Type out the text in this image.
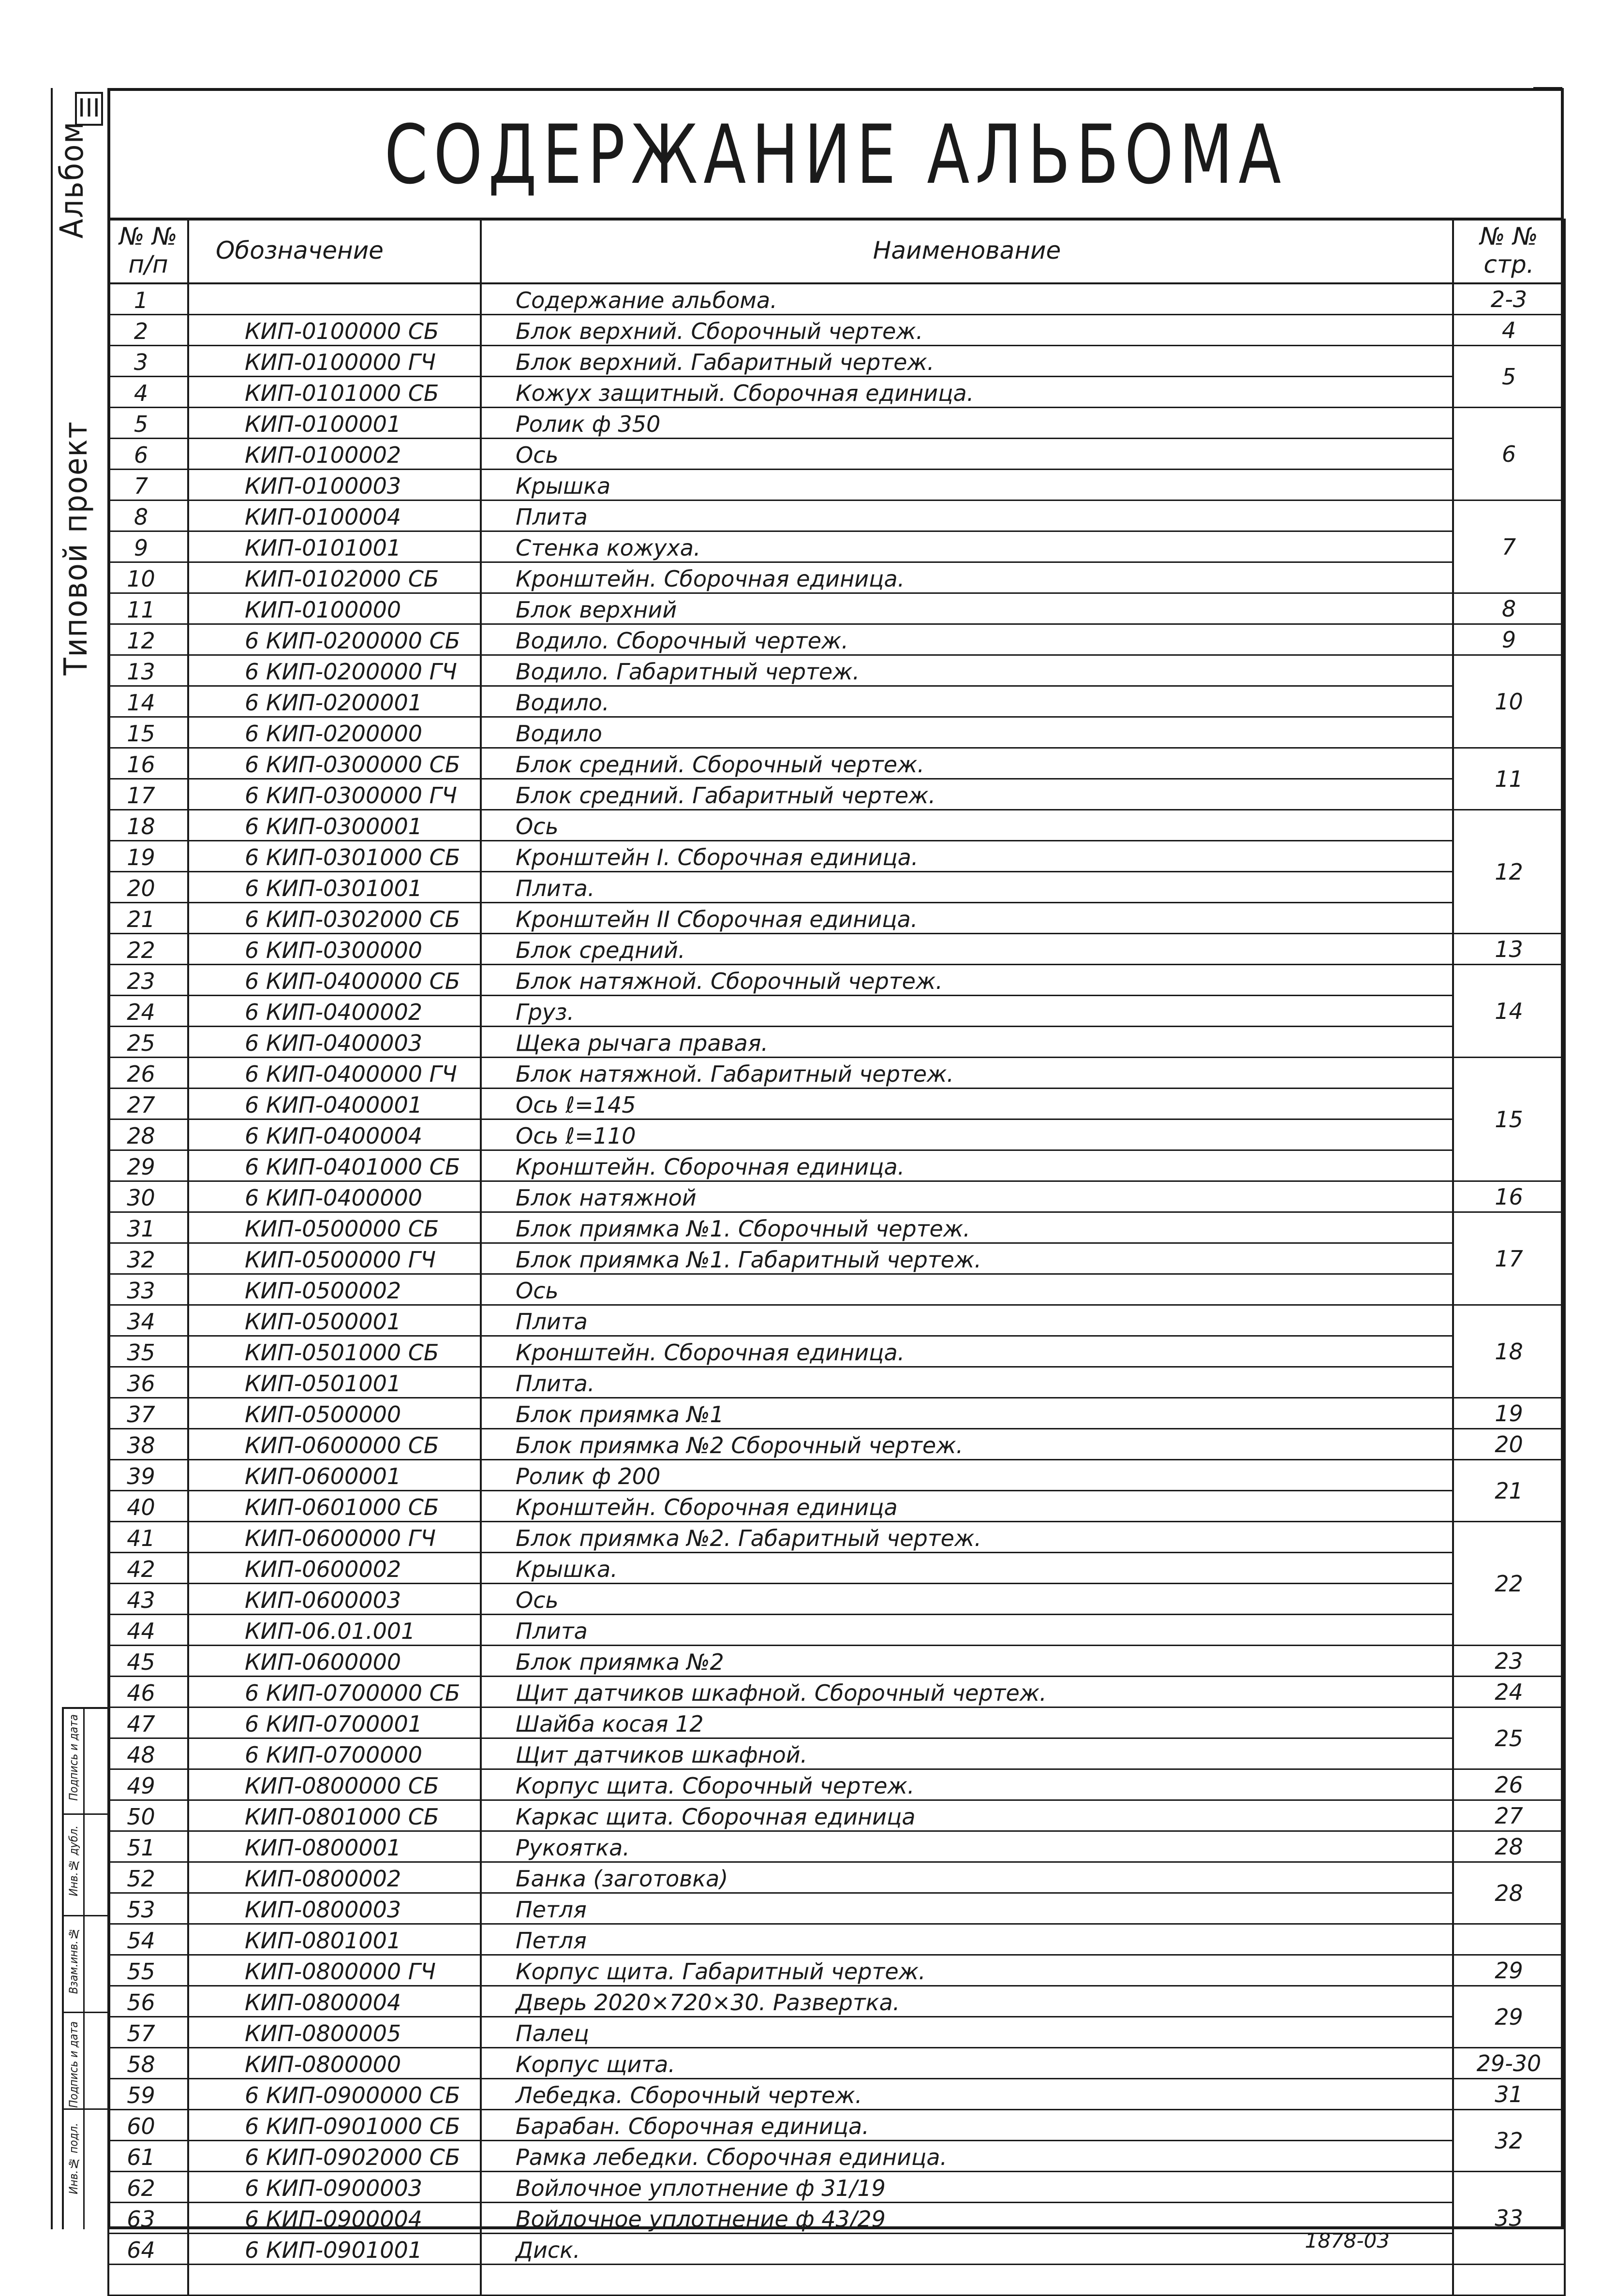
III
Альбом
Типовой проект
Инв.№ подл.
Подпись и дата
Взам.инв.№
Инв.№ дубл.
Подпись и дата
СОДЕРЖАНИЕ АЛЬБОМА
№ № п/п	Обозначение	Наименование	№ № стр.
1		Содержание альбома.	2-3
2	КИП-0100000 СБ	Блок верхний. Сборочный чертеж.	4
3	КИП-0100000 ГЧ	Блок верхний. Габаритный чертеж.	5
4	КИП-0101000 СБ	Кожух защитный. Сборочная единица.	
5	КИП-0100001	Ролик ф 350	6
6	КИП-0100002	Ось	
7	КИП-0100003	Крышка	
8	КИП-0100004	Плита	7
9	КИП-0101001	Стенка кожуха.	
10	КИП-0102000 СБ	Кронштейн. Сборочная единица.	
11	КИП-0100000	Блок верхний	8
12	6 КИП-0200000 СБ	Водило. Сборочный чертеж.	9
13	6 КИП-0200000 ГЧ	Водило. Габаритный чертеж.	10
14	6 КИП-0200001	Водило.	
15	6 КИП-0200000	Водило	
16	6 КИП-0300000 СБ	Блок средний. Сборочный чертеж.	11
17	6 КИП-0300000 ГЧ	Блок средний. Габаритный чертеж.	
18	6 КИП-0300001	Ось	12
19	6 КИП-0301000 СБ	Кронштейн I. Сборочная единица.	
20	6 КИП-0301001	Плита.	
21	6 КИП-0302000 СБ	Кронштейн II Сборочная единица.	
22	6 КИП-0300000	Блок средний.	13
23	6 КИП-0400000 СБ	Блок натяжной. Сборочный чертеж.	14
24	6 КИП-0400002	Груз.	
25	6 КИП-0400003	Щека рычага правая.	
26	6 КИП-0400000 ГЧ	Блок натяжной. Габаритный чертеж.	15
27	6 КИП-0400001	Ось ℓ=145	
28	6 КИП-0400004	Ось ℓ=110	
29	6 КИП-0401000 СБ	Кронштейн. Сборочная единица.	
30	6 КИП-0400000	Блок натяжной	16
31	КИП-0500000 СБ	Блок приямка №1. Сборочный чертеж.	17
32	КИП-0500000 ГЧ	Блок приямка №1. Габаритный чертеж.	
33	КИП-0500002	Ось	
34	КИП-0500001	Плита	18
35	КИП-0501000 СБ	Кронштейн. Сборочная единица.	
36	КИП-0501001	Плита.	
37	КИП-0500000	Блок приямка №1	19
38	КИП-0600000 СБ	Блок приямка №2 Сборочный чертеж.	20
39	КИП-0600001	Ролик ф 200	21
40	КИП-0601000 СБ	Кронштейн. Сборочная единица	
41	КИП-0600000 ГЧ	Блок приямка №2. Габаритный чертеж.	22
42	КИП-0600002	Крышка.	
43	КИП-0600003	Ось	
44	КИП-06.01.001	Плита	
45	КИП-0600000	Блок приямка №2	23
46	6 КИП-0700000 СБ	Щит датчиков шкафной. Сборочный чертеж.	24
47	6 КИП-0700001	Шайба косая 12	25
48	6 КИП-0700000	Щит датчиков шкафной.	
49	КИП-0800000 СБ	Корпус щита. Сборочный чертеж.	26
50	КИП-0801000 СБ	Каркас щита. Сборочная единица	27
51	КИП-0800001	Рукоятка.	28
52	КИП-0800002	Банка (заготовка)	28
53	КИП-0800003	Петля	
54	КИП-0801001	Петля	
55	КИП-0800000 ГЧ	Корпус щита. Габаритный чертеж.	29
56	КИП-0800004	Дверь 2020×720×30. Развертка.	29
57	КИП-0800005	Палец	
58	КИП-0800000	Корпус щита.	29-30
59	6 КИП-0900000 СБ	Лебедка. Сборочный чертеж.	31
60	6 КИП-0901000 СБ	Барабан. Сборочная единица.	32
61	6 КИП-0902000 СБ	Рамка лебедки. Сборочная единица.	
62	6 КИП-0900003	Войлочное уплотнение ф 31/19	33
63	6 КИП-0900004	Войлочное уплотнение ф 43/29	
64	6 КИП-0901001	Диск.	
				1878-03
